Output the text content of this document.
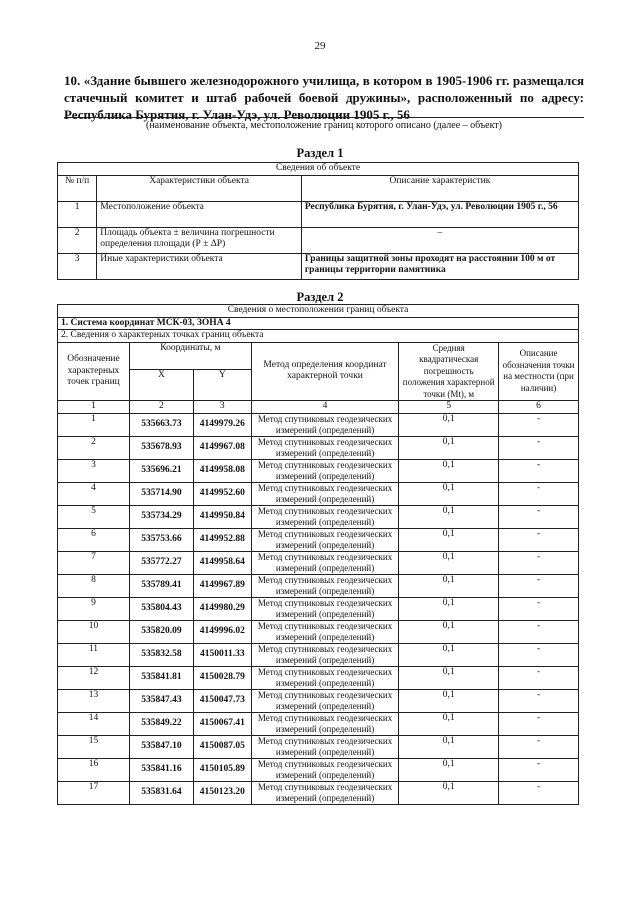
29
10. «Здание бывшего железнодорожного училища, в котором в 1905-1906 гг. размещался стачечный комитет и штаб рабочей боевой дружины», расположенный по адресу: Республика Бурятия, г. Улан-Удэ, ул. Революции 1905 г., 56
(наименование объекта, местоположение границ которого описано (далее – объект)
Раздел 1
Сведения об объекте		
№ п/п	Характеристики объекта	Описание характеристик
1	Местоположение объекта	Республика Бурятия, г. Улан-Удэ, ул. Революции 1905 г., 56
2	Площадь объекта ± величина погрешности определения площади (Р ± ΔР)	–
3	Иные характеристики объекта	Границы защитной зоны проходят на расстоянии 100 м от границы территории памятника
Раздел 2
Сведения о местоположении границ объекта					
1. Система координат МСК-03, ЗОНА 4					
2. Сведения о характерных точках границ объекта					
Обозначение характерных точек границ	Координаты, м		Метод определения координат характерной точки	Средняя квадратическая погрешность положения характерной точки (Mt), м	Описание обозначения точки на местности (при наличии)
	X	Y			
1	2	3	4	5	6
1	535663.73	4149979.26	Метод спутниковых геодезических измерений (определений)	0,1	-
2	535678.93	4149967.08	Метод спутниковых геодезических измерений (определений)	0,1	-
3	535696.21	4149958.08	Метод спутниковых геодезических измерений (определений)	0,1	-
4	535714.90	4149952.60	Метод спутниковых геодезических измерений (определений)	0,1	-
5	535734.29	4149950.84	Метод спутниковых геодезических измерений (определений)	0,1	-
6	535753.66	4149952.88	Метод спутниковых геодезических измерений (определений)	0,1	-
7	535772.27	4149958.64	Метод спутниковых геодезических измерений (определений)	0,1	-
8	535789.41	4149967.89	Метод спутниковых геодезических измерений (определений)	0,1	-
9	535804.43	4149980.29	Метод спутниковых геодезических измерений (определений)	0,1	-
10	535820.09	4149996.02	Метод спутниковых геодезических измерений (определений)	0,1	-
11	535832.58	4150011.33	Метод спутниковых геодезических измерений (определений)	0,1	-
12	535841.81	4150028.79	Метод спутниковых геодезических измерений (определений)	0,1	-
13	535847.43	4150047.73	Метод спутниковых геодезических измерений (определений)	0,1	-
14	535849.22	4150067.41	Метод спутниковых геодезических измерений (определений)	0,1	-
15	535847.10	4150087.05	Метод спутниковых геодезических измерений (определений)	0,1	-
16	535841.16	4150105.89	Метод спутниковых геодезических измерений (определений)	0,1	-
17	535831.64	4150123.20	Метод спутниковых геодезических измерений (определений)	0,1	-
